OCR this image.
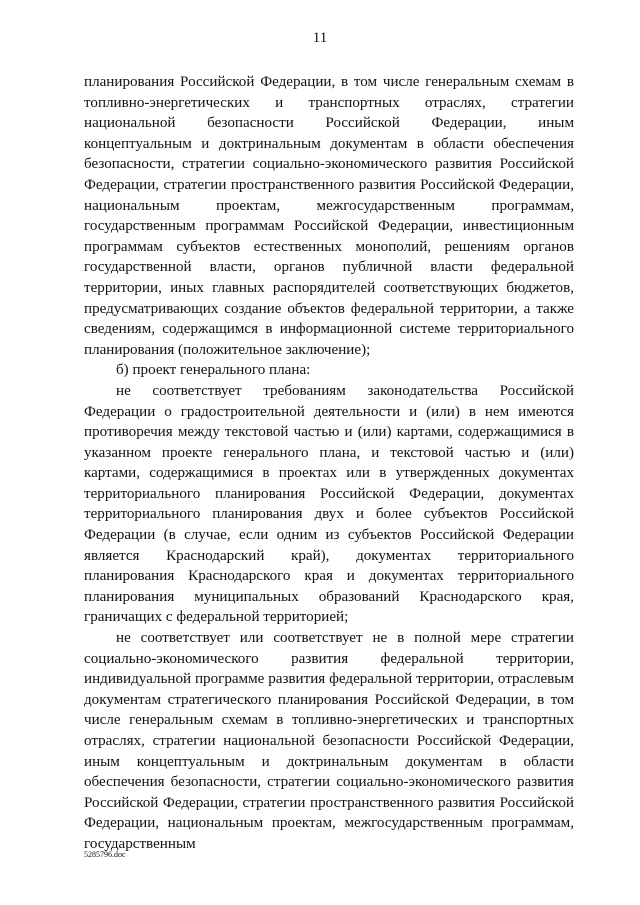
11

планирования Российской Федерации, в том числе генеральным схемам в топливно-энергетических и транспортных отраслях, стратегии национальной безопасности Российской Федерации, иным концептуальным и доктринальным документам в области обеспечения безопасности, стратегии социально-экономического развития Российской Федерации, стратегии пространственного развития Российской Федерации, национальным проектам, межгосударственным программам, государственным программам Российской Федерации, инвестиционным программам субъектов естественных монополий, решениям органов государственной власти, органов публичной власти федеральной территории, иных главных распорядителей соответствующих бюджетов, предусматривающих создание объектов федеральной территории, а также сведениям, содержащимся в информационной системе территориального планирования (положительное заключение);

б) проект генерального плана:

не соответствует требованиям законодательства Российской Федерации о градостроительной деятельности и (или) в нем имеются противоречия между текстовой частью и (или) картами, содержащимися в указанном проекте генерального плана, и текстовой частью и (или) картами, содержащимися в проектах или в утвержденных документах территориального планирования Российской Федерации, документах территориального планирования двух и более субъектов Российской Федерации (в случае, если одним из субъектов Российской Федерации является Краснодарский край), документах территориального планирования Краснодарского края и документах территориального планирования муниципальных образований Краснодарского края, граничащих с федеральной территорией;

не соответствует или соответствует не в полной мере стратегии социально-экономического развития федеральной территории, индивидуальной программе развития федеральной территории, отраслевым документам стратегического планирования Российской Федерации, в том числе генеральным схемам в топливно-энергетических и транспортных отраслях, стратегии национальной безопасности Российской Федерации, иным концептуальным и доктринальным документам в области обеспечения безопасности, стратегии социально-экономического развития Российской Федерации, стратегии пространственного развития Российской Федерации, национальным проектам, межгосударственным программам, государственным

5285796.doc
